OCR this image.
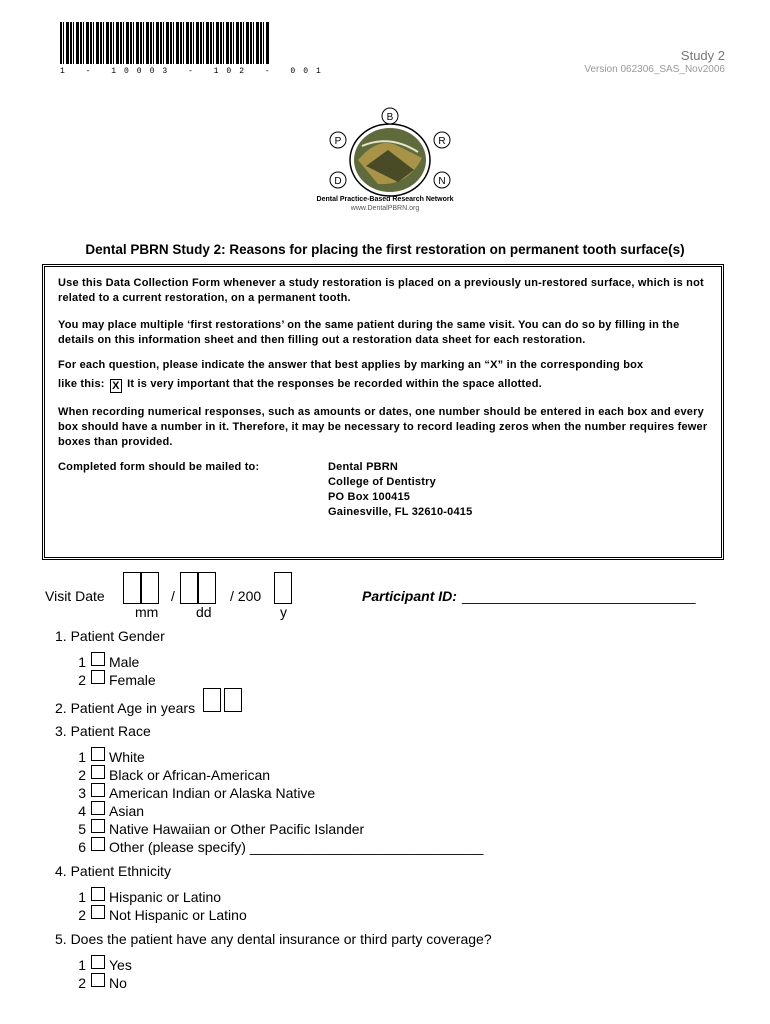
1 - 10003 - 102 - 001
Study 2
Version 062306_SAS_Nov2006
B
P	R
D	N
Dental Practice-Based Research Network
www.DentalPBRN.org
Dental PBRN Study 2: Reasons for placing the first restoration on permanent tooth surface(s)
Use this Data Collection Form whenever a study restoration is placed on a previously un-restored surface, which is not related to a current restoration, on a permanent tooth.
You may place multiple ‘first restorations’ on the same patient during the same visit. You can do so by filling in the details on this information sheet and then filling out a restoration data sheet for each restoration.
For each question, please indicate the answer that best applies by marking an “X” in the corresponding box
like this: X It is very important that the responses be recorded within the space allotted.
When recording numerical responses, such as amounts or dates, one number should be entered in each box and every box should have a number in it. Therefore, it may be necessary to record leading zeros when the number requires fewer boxes than provided.
Completed form should be mailed to:	Dental PBRN
College of Dentistry
PO Box 100415
Gainesville, FL 32610-0415
Visit Date	/	/ 200
mm	dd	y
Participant ID: ______________________________
1. Patient Gender
1 Male
2 Female
2. Patient Age in years
3. Patient Race
1 White
2 Black or African-American
3 American Indian or Alaska Native
4 Asian
5 Native Hawaiian or Other Pacific Islander
6 Other (please specify) ______________________________
4. Patient Ethnicity
1 Hispanic or Latino
2 Not Hispanic or Latino
5. Does the patient have any dental insurance or third party coverage?
1 Yes
2 No
